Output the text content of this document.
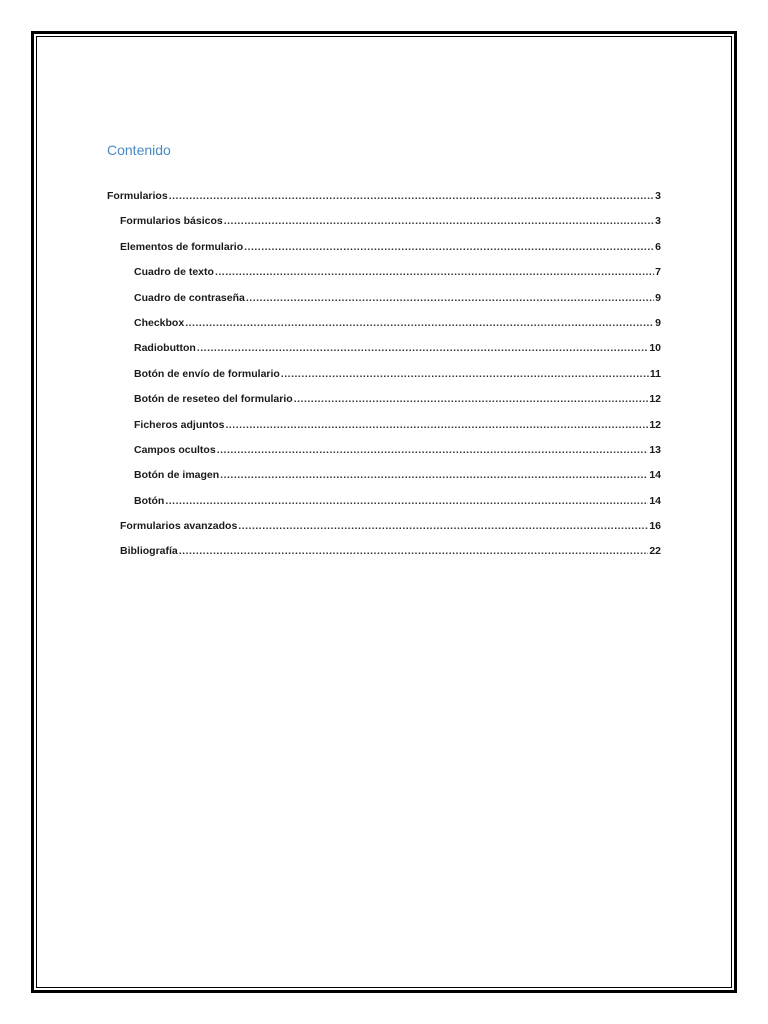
Contenido
Formularios .....	3
Formularios básicos .....	3
Elementos de formulario .....	6
Cuadro de texto .....	7
Cuadro de contraseña .....	9
Checkbox .....	9
Radiobutton .....	10
Botón de envío de formulario .....	11
Botón de reseteo del formulario .....	12
Ficheros adjuntos .....	12
Campos ocultos .....	13
Botón de imagen .....	14
Botón .....	14
Formularios avanzados .....	16
Bibliografía .....	22
